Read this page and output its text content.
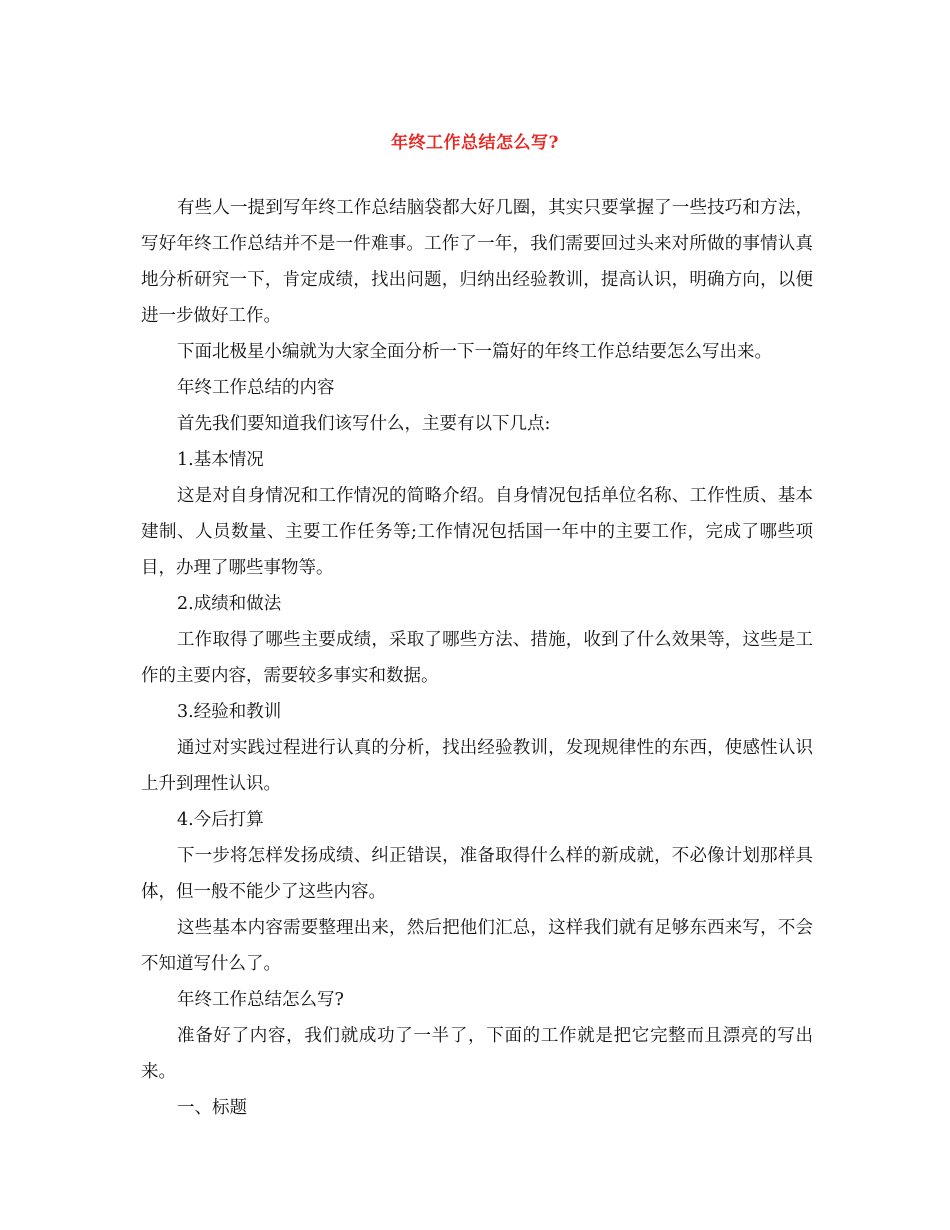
年终工作总结怎么写?

有些人一提到写年终工作总结脑袋都大好几圈，其实只要掌握了一些技巧和方法，写好年终工作总结并不是一件难事。工作了一年，我们需要回过头来对所做的事情认真地分析研究一下，肯定成绩，找出问题，归纳出经验教训，提高认识，明确方向，以便进一步做好工作。

下面北极星小编就为大家全面分析一下一篇好的年终工作总结要怎么写出来。

年终工作总结的内容

首先我们要知道我们该写什么，主要有以下几点:

1.基本情况

这是对自身情况和工作情况的简略介绍。自身情况包括单位名称、工作性质、基本建制、人员数量、主要工作任务等;工作情况包括国一年中的主要工作，完成了哪些项目，办理了哪些事物等。

2.成绩和做法

工作取得了哪些主要成绩，采取了哪些方法、措施，收到了什么效果等，这些是工作的主要内容，需要较多事实和数据。

3.经验和教训

通过对实践过程进行认真的分析，找出经验教训，发现规律性的东西，使感性认识上升到理性认识。

4.今后打算

下一步将怎样发扬成绩、纠正错误，准备取得什么样的新成就，不必像计划那样具体，但一般不能少了这些内容。

这些基本内容需要整理出来，然后把他们汇总，这样我们就有足够东西来写，不会不知道写什么了。

年终工作总结怎么写?

准备好了内容，我们就成功了一半了，下面的工作就是把它完整而且漂亮的写出来。

一、标题
